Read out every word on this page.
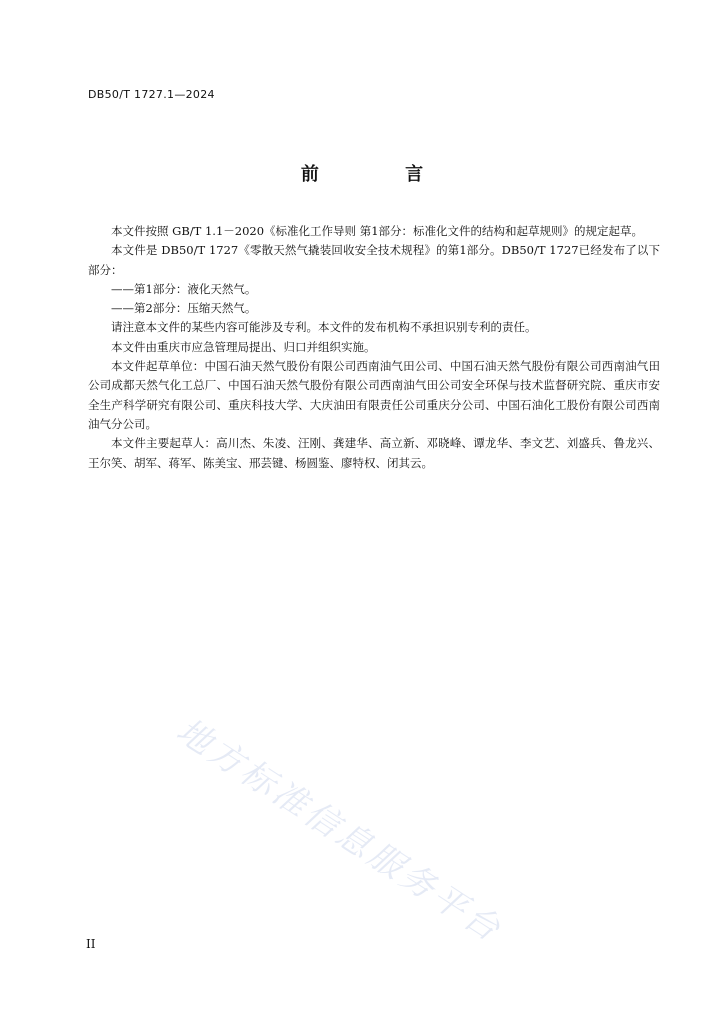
DB50/T 1727.1—2024
前 言

本文件按照 GB/T 1.1－2020《标准化工作导则 第1部分：标准化文件的结构和起草规则》的规定起草。

本文件是 DB50/T 1727《零散天然气撬装回收安全技术规程》的第1部分。DB50/T 1727已经发布了以下部分：

——第1部分：液化天然气。

——第2部分：压缩天然气。

请注意本文件的某些内容可能涉及专利。本文件的发布机构不承担识别专利的责任。

本文件由重庆市应急管理局提出、归口并组织实施。

本文件起草单位：中国石油天然气股份有限公司西南油气田公司、中国石油天然气股份有限公司西南油气田公司成都天然气化工总厂、中国石油天然气股份有限公司西南油气田公司安全环保与技术监督研究院、重庆市安全生产科学研究有限公司、重庆科技大学、大庆油田有限责任公司重庆分公司、中国石油化工股份有限公司西南油气分公司。

本文件主要起草人：高川杰、朱凌、汪刚、龚建华、高立新、邓晓峰、谭龙华、李文艺、刘盛兵、鲁龙兴、王尔笑、胡军、蒋军、陈美宝、邢芸键、杨圆鉴、廖特权、闭其云。

地方标准信息服务平台
II
